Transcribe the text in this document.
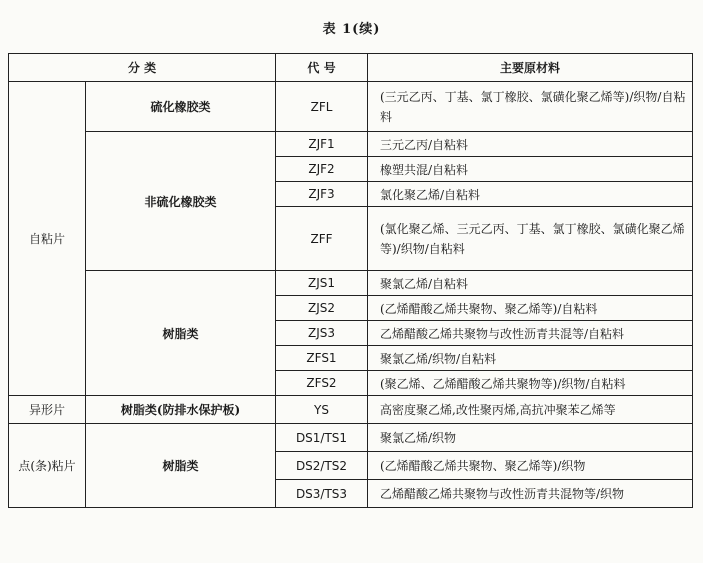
表 1(续)
分 类		代 号	主要原材料
自粘片	硫化橡胶类	ZFL	(三元乙丙、丁基、氯丁橡胶、氯磺化聚乙烯等)/织物/自粘料
	非硫化橡胶类	ZJF1	三元乙丙/自粘料
		ZJF2	橡塑共混/自粘料
		ZJF3	氯化聚乙烯/自粘料
		ZFF	(氯化聚乙烯、三元乙丙、丁基、氯丁橡胶、氯磺化聚乙烯等)/织物/自粘料
	树脂类	ZJS1	聚氯乙烯/自粘料
		ZJS2	(乙烯醋酸乙烯共聚物、聚乙烯等)/自粘料
		ZJS3	乙烯醋酸乙烯共聚物与改性沥青共混等/自粘料
		ZFS1	聚氯乙烯/织物/自粘料
		ZFS2	(聚乙烯、乙烯醋酸乙烯共聚物等)/织物/自粘料
异形片	树脂类(防排水保护板)	YS	高密度聚乙烯,改性聚丙烯,高抗冲聚苯乙烯等
点(条)粘片	树脂类	DS1/TS1	聚氯乙烯/织物
		DS2/TS2	(乙烯醋酸乙烯共聚物、聚乙烯等)/织物
		DS3/TS3	乙烯醋酸乙烯共聚物与改性沥青共混物等/织物
